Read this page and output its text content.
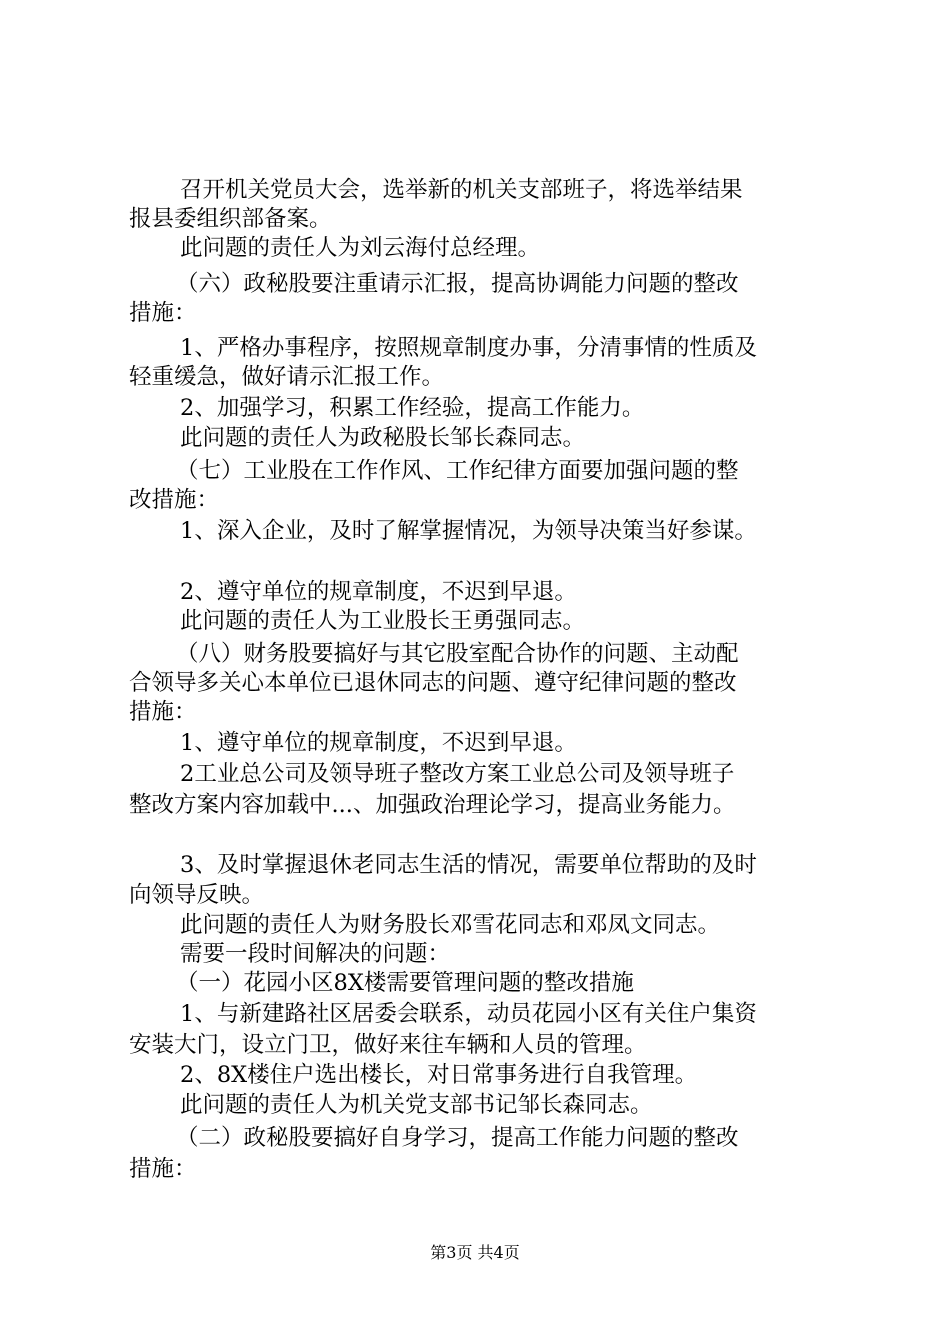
召开机关党员大会，选举新的机关支部班子，将选举结果
报县委组织部备案。
此问题的责任人为刘云海付总经理。
（六）政秘股要注重请示汇报，提高协调能力问题的整改
措施：
1、严格办事程序，按照规章制度办事，分清事情的性质及
轻重缓急，做好请示汇报工作。
2、加强学习，积累工作经验，提高工作能力。
此问题的责任人为政秘股长邹长森同志。
（七）工业股在工作作风、工作纪律方面要加强问题的整
改措施：
1、深入企业，及时了解掌握情况，为领导决策当好参谋。
2、遵守单位的规章制度，不迟到早退。
此问题的责任人为工业股长王勇强同志。
（八）财务股要搞好与其它股室配合协作的问题、主动配
合领导多关心本单位已退休同志的问题、遵守纪律问题的整改
措施：
1、遵守单位的规章制度，不迟到早退。
2工业总公司及领导班子整改方案工业总公司及领导班子
整改方案内容加载中...、加强政治理论学习，提高业务能力。
3、及时掌握退休老同志生活的情况，需要单位帮助的及时
向领导反映。
此问题的责任人为财务股长邓雪花同志和邓凤文同志。
需要一段时间解决的问题：
（一）花园小区8X楼需要管理问题的整改措施
1、与新建路社区居委会联系，动员花园小区有关住户集资
安装大门，设立门卫，做好来往车辆和人员的管理。
2、8X楼住户选出楼长，对日常事务进行自我管理。
此问题的责任人为机关党支部书记邹长森同志。
（二）政秘股要搞好自身学习，提高工作能力问题的整改
措施：
第3页 共4页
